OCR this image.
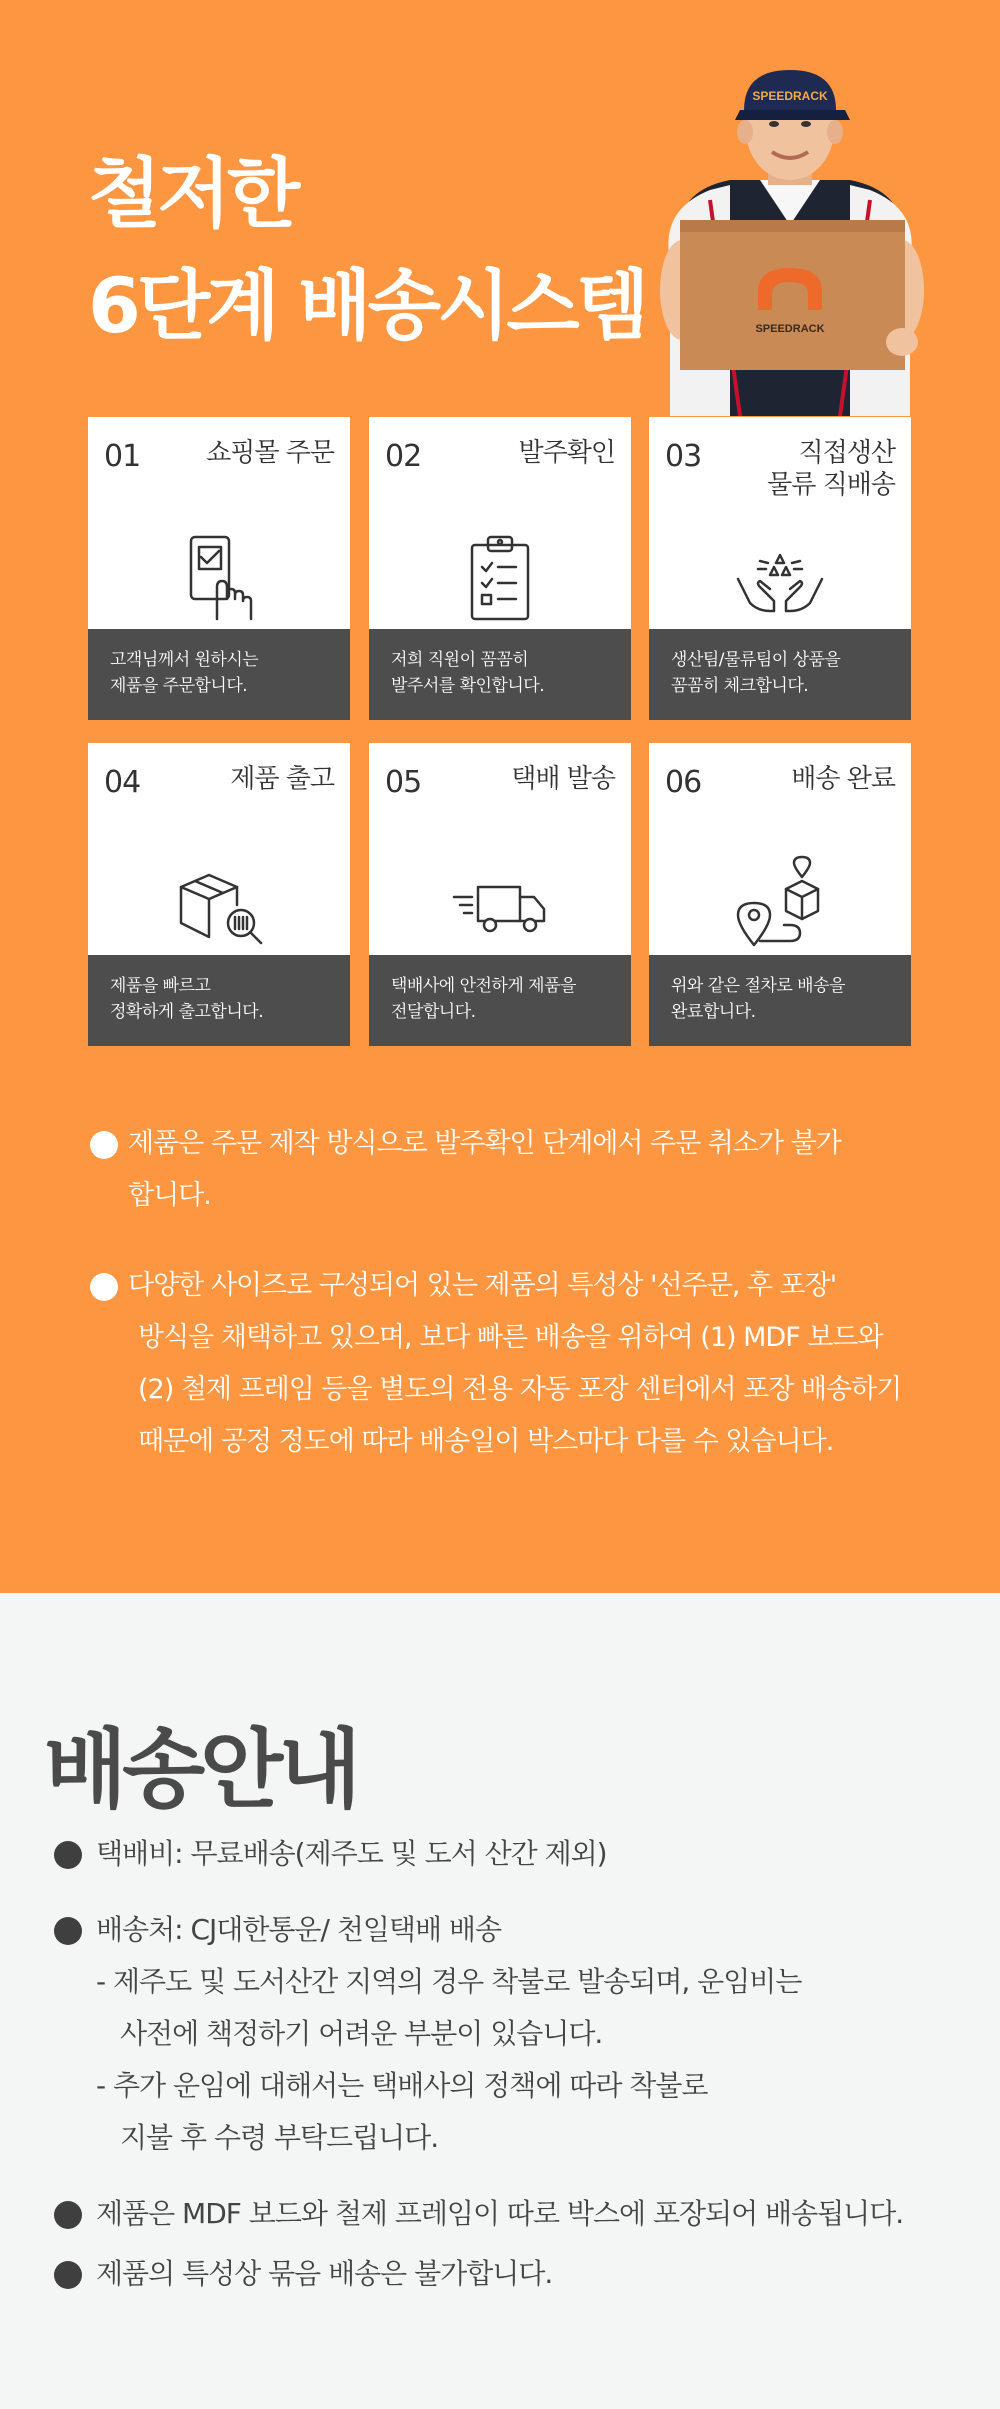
철저한
6단계 배송시스템
SPEEDRACK
SPEEDRACK
01	쇼핑몰 주문
고객님께서 원하시는
제품을 주문합니다.
02	발주확인
저희 직원이 꼼꼼히
발주서를 확인합니다.
03	직접생산
물류 직배송
생산팀/물류팀이 상품을
꼼꼼히 체크합니다.
04	제품 출고
제품을 빠르고
정확하게 출고합니다.
05	택배 발송
택배사에 안전하게 제품을
전달합니다.
06	배송 완료
위와 같은 절차로 배송을
완료합니다.
제품은 주문 제작 방식으로 발주확인 단계에서 주문 취소가 불가
합니다.
다양한 사이즈로 구성되어 있는 제품의 특성상 '선주문, 후 포장'
방식을 채택하고 있으며, 보다 빠른 배송을 위하여 (1) MDF 보드와
(2) 철제 프레임 등을 별도의 전용 자동 포장 센터에서 포장 배송하기
때문에 공정 정도에 따라 배송일이 박스마다 다를 수 있습니다.
배송안내
택배비: 무료배송(제주도 및 도서 산간 제외)
배송처: CJ대한통운/ 천일택배 배송
- 제주도 및 도서산간 지역의 경우 착불로 발송되며, 운임비는
사전에 책정하기 어려운 부분이 있습니다.
- 추가 운임에 대해서는 택배사의 정책에 따라 착불로
지불 후 수령 부탁드립니다.
제품은 MDF 보드와 철제 프레임이 따로 박스에 포장되어 배송됩니다.
제품의 특성상 묶음 배송은 불가합니다.
